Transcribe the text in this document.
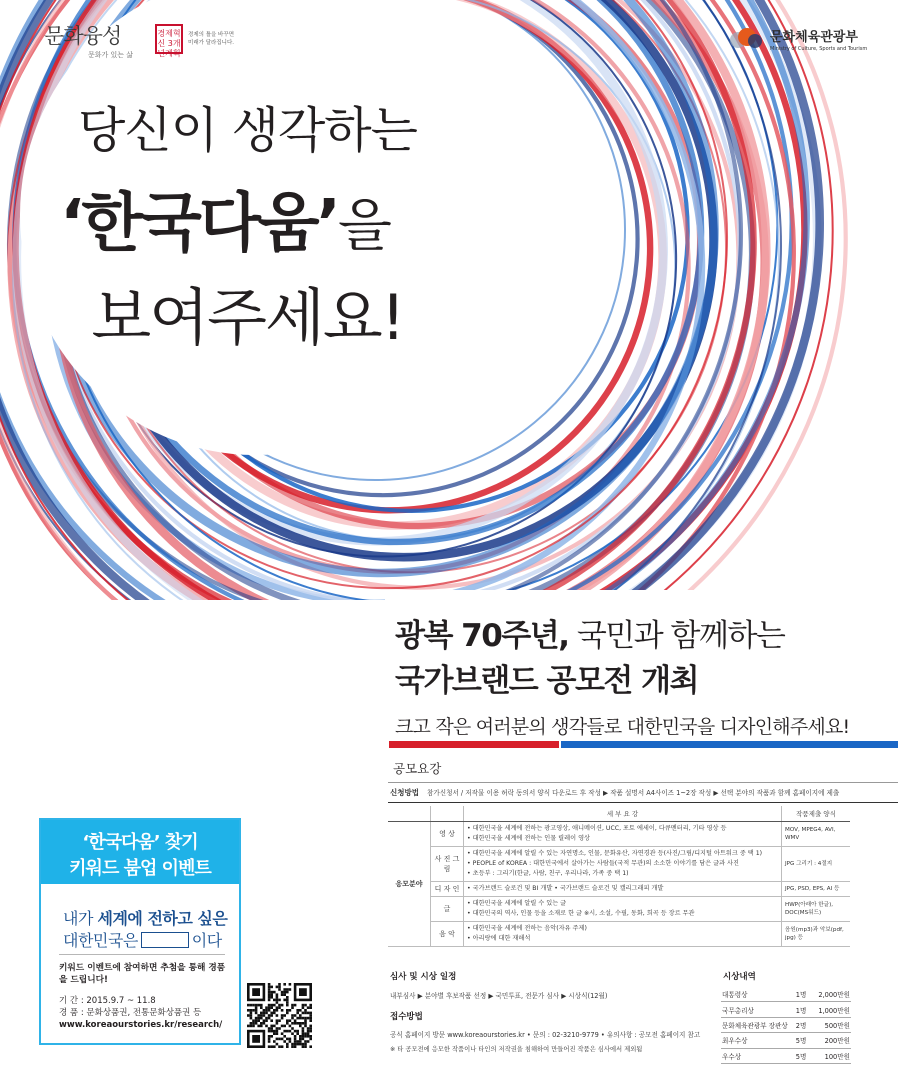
문화융성
문화가 있는 삶
경제혁신 3개년계획
경제의 틀을 바꾸면 미래가 달라집니다.	문화체육관광부
Ministry of Culture, Sports and Tourism
당신이 생각하는
‘한국다움’을
보여주세요!
광복 70주년, 국민과 함께하는
국가브랜드 공모전 개최
크고 작은 여러분의 생각들로 대한민국을 디자인해주세요!
공모요강
신청방법 참가신청서 / 저작물 이용 허락 동의서 양식 다운로드 후 작성 ▶ 작품 설명서 A4사이즈 1~2장 작성 ▶ 선택 분야의 작품과 함께 홈페이지에 제출
		세 부 요 강	작품제출 양식
응모분야	영 상	• 대한민국을 세계에 전하는 광고영상, 애니메이션, UCC, 포토 에세이, 다큐멘터리, 기타 영상 등
• 대한민국을 세계에 전하는 인물 릴레이 영상	MOV, MPEG4, AVI, WMV
	사 진 그 림	• 대한민국을 세계에 알릴 수 있는 자연명소, 인물, 문화유산, 자연경관 등(사진/그림/디지털 아트워크 중 택 1)
• PEOPLE of KOREA : 대한민국에서 살아가는 사람들(국적 무관)의 소소한 이야기를 담은 글과 사진
• 초등부 : 그리기(한글, 사람, 친구, 우리나라, 가족 중 택 1)	JPG 그리기 : 4절지
	디 자 인	• 국가브랜드 슬로건 및 BI 개발 • 국가브랜드 슬로건 및 캘리그래피 개발	JPG, PSD, EPS, AI 등
	글	• 대한민국을 세계에 알릴 수 있는 글
• 대한민국의 역사, 인물 등을 소재로 한 글 ※시, 소설, 수필, 동화, 희곡 등 장르 무관	HWP(아래아 한글), DOC(MS워드)
	음 악	• 대한민국을 세계에 전하는 음악(자유 주제)
• 아리랑에 대한 재해석	음원(mp3)과 악보(pdf, jpg) 등
심사 및 시상 일정
내부심사 ▶ 분야별 후보작품 선정 ▶ 국민투표, 전문가 심사 ▶ 시상식(12월)
접수방법
공식 홈페이지 방문 www.koreaourstories.kr • 문의 : 02-3210-9779 • 유의사항 : 공모전 홈페이지 참고
※ 타 공모전에 응모한 작품이나 타인의 저작권을 침해하여 만들어진 작품은 심사에서 제외됨
시상내역
대통령상	1명	2,000만원
국무총리상	1명	1,000만원
문화체육관광부 장관상	2명	500만원
최우수상	5명	200만원
우수상	5명	100만원
‘한국다움’ 찾기
키워드 붐업 이벤트
내가 세계에 전하고 싶은
대한민국은	이다
키워드 이벤트에 참여하면 추첨을 통해 경품을 드립니다!
기 간 : 2015.9.7 ~ 11.8
경 품 : 문화상품권, 전통문화상품권 등
www.koreaourstories.kr/research/
